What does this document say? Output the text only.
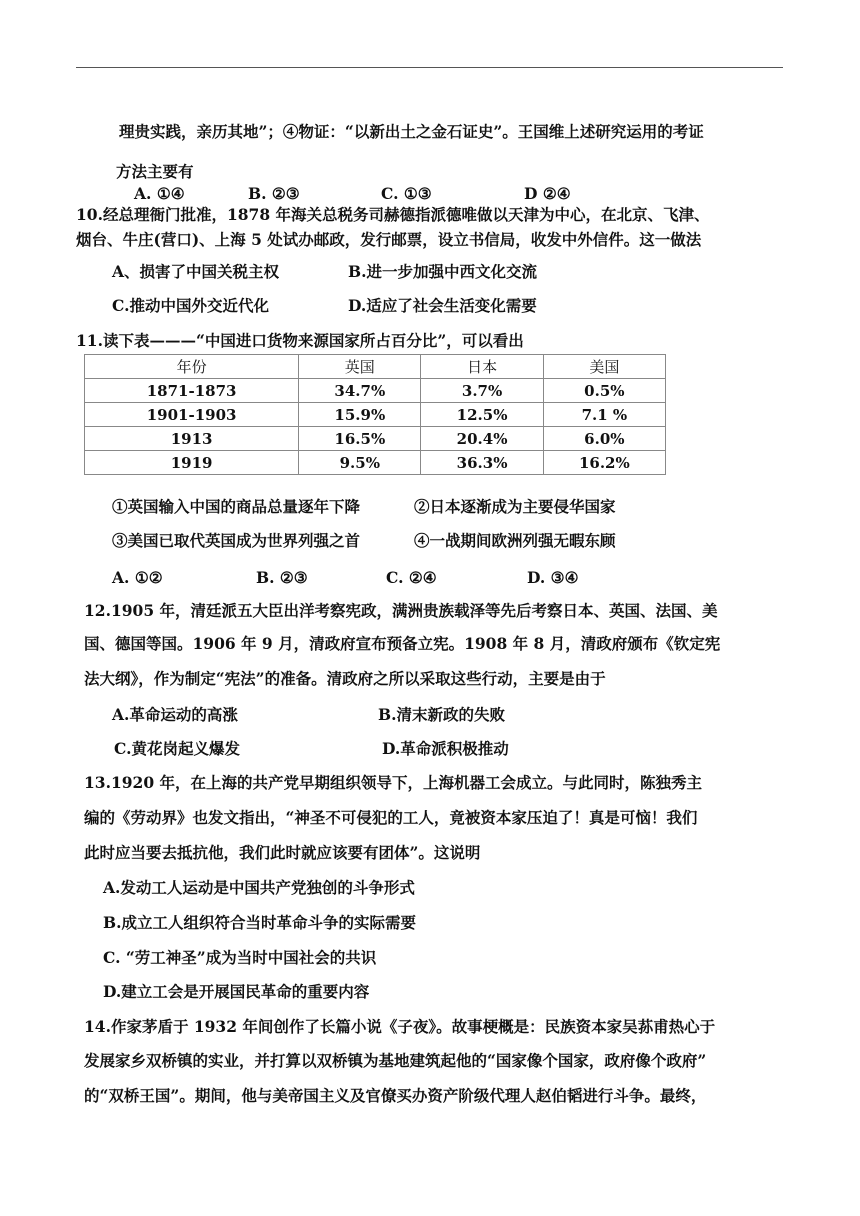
理贵实践，亲历其地”；④物证：“以新出土之金石证史”。王国维上述研究运用的考证
方法主要有
A. ①④	B. ②③	C. ①③	D ②④
10.经总理衙门批准，1878 年海关总税务司赫德指派德唯做以天津为中心，在北京、飞津、
烟台、牛庄(营口)、上海 5 处试办邮政，发行邮票，设立书信局，收发中外信件。这一做法
A、损害了中国关税主权	B.进一步加强中西文化交流
C.推动中国外交近代化	D.适应了社会生活变化需要
11.读下表———“中国进口货物来源国家所占百分比”，可以看出
年份	英国	日本	美国
1871-1873	34.7%	3.7%	0.5%
1901-1903	15.9%	12.5%	7.1 %
1913	16.5%	20.4%	6.0%
1919	9.5%	36.3%	16.2%
①英国输入中国的商品总量逐年下降	②日本逐渐成为主要侵华国家
③美国已取代英国成为世界列强之首	④一战期间欧洲列强无暇东顾
A. ①②	B. ②③	C. ②④	D. ③④
12.1905 年，清廷派五大臣出洋考察宪政，满洲贵族载泽等先后考察日本、英国、法国、美
国、德国等国。1906 年 9 月，清政府宣布预备立宪。1908 年 8 月，清政府颁布《钦定宪
法大纲》，作为制定“宪法”的准备。清政府之所以采取这些行动，主要是由于
A.革命运动的高涨	B.清末新政的失败
C.黄花岗起义爆发	D.革命派积极推动
13.1920 年，在上海的共产党早期组织领导下，上海机器工会成立。与此同时，陈独秀主
编的《劳动界》也发文指出，“神圣不可侵犯的工人，竟被资本家压迫了！真是可恼！我们
此时应当要去抵抗他，我们此时就应该要有团体”。这说明
A.发动工人运动是中国共产党独创的斗争形式
B.成立工人组织符合当时革命斗争的实际需要
C. “劳工神圣”成为当时中国社会的共识
D.建立工会是开展国民革命的重要内容
14.作家茅盾于 1932 年间创作了长篇小说《子夜》。故事梗概是：民族资本家吴荪甫热心于
发展家乡双桥镇的实业，并打算以双桥镇为基地建筑起他的“国家像个国家，政府像个政府”
的“双桥王国”。期间，他与美帝国主义及官僚买办资产阶级代理人赵伯韬进行斗争。最终，
